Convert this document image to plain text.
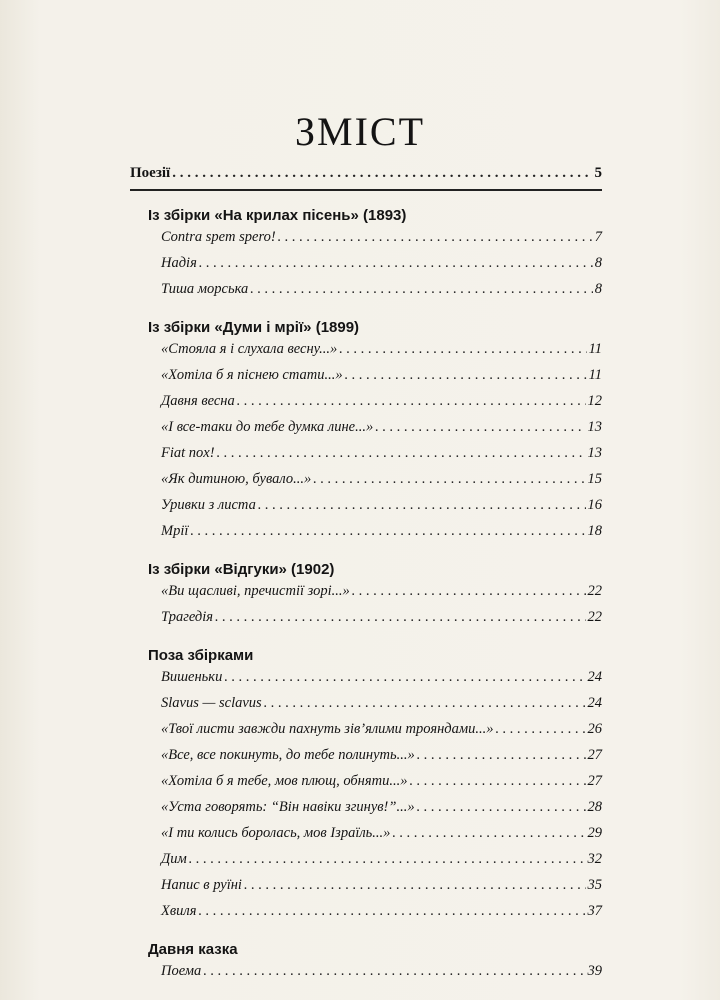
ЗМІСТ
Поезії . . .	5
Із збірки «На крилах пісень» (1893)
Contra spem spero! . . .	7
Надія . . .	8
Тиша морська . . .	8
Із збірки «Думи і мрії» (1899)
«Стояла я і слухала весну...» . . .	11
«Хотіла б я піснею стати...» . . .	11
Давня весна . . .	12
«І все-таки до тебе думка лине...» . . .	13
Fiat nox! . . .	13
«Як дитиною, бувало...» . . .	15
Уривки з листа . . .	16
Мрії . . .	18
Із збірки «Відгуки» (1902)
«Ви щасливі, пречистії зорі...» . . .	22
Трагедія . . .	22
Поза збірками
Вишеньки . . .	24
Slavus — sclavus . . .	24
«Твої листи завжди пахнуть зів’ялими трояндами...» . . .	26
«Все, все покинуть, до тебе полинуть...» . . .	27
«Хотіла б я тебе, мов плющ, обняти...» . . .	27
«Уста говорять: “Він навіки згинув!”...» . . .	28
«І ти колись боролась, мов Ізраїль...» . . .	29
Дим . . .	32
Напис в руїні . . .	35
Хвиля . . .	37
Давня казка
Поема . . .	39
